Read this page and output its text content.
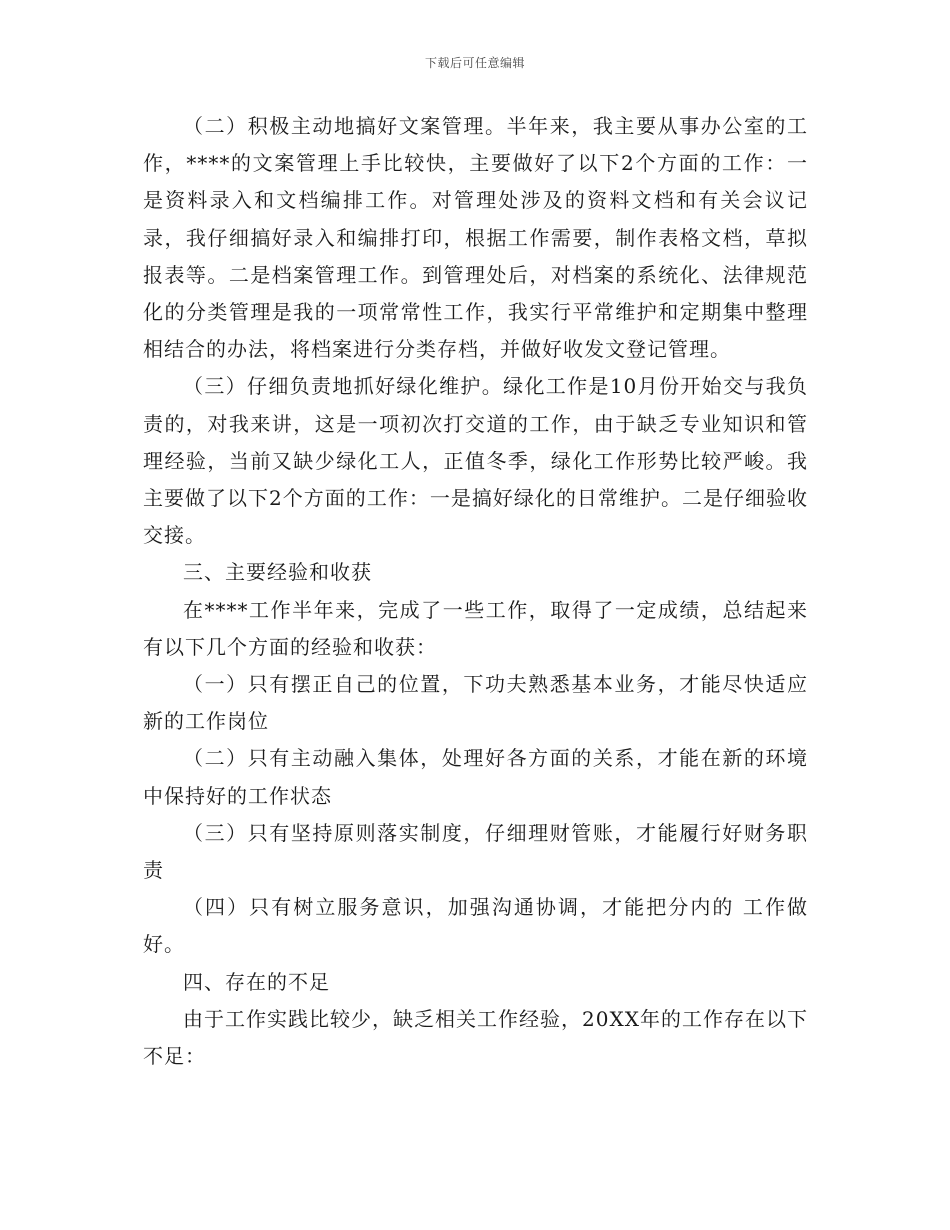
下载后可任意编辑

（二）积极主动地搞好文案管理。半年来，我主要从事办公室的工作，****的文案管理上手比较快，主要做好了以下2个方面的工作：一是资料录入和文档编排工作。对管理处涉及的资料文档和有关会议记录，我仔细搞好录入和编排打印，根据工作需要，制作表格文档，草拟报表等。二是档案管理工作。到管理处后，对档案的系统化、法律规范化的分类管理是我的一项常常性工作，我实行平常维护和定期集中整理相结合的办法，将档案进行分类存档，并做好收发文登记管理。

（三）仔细负责地抓好绿化维护。绿化工作是10月份开始交与我负责的，对我来讲，这是一项初次打交道的工作，由于缺乏专业知识和管理经验，当前又缺少绿化工人，正值冬季，绿化工作形势比较严峻。我主要做了以下2个方面的工作：一是搞好绿化的日常维护。二是仔细验收交接。

三、主要经验和收获

在****工作半年来，完成了一些工作，取得了一定成绩，总结起来有以下几个方面的经验和收获：

（一）只有摆正自己的位置，下功夫熟悉基本业务，才能尽快适应新的工作岗位

（二）只有主动融入集体，处理好各方面的关系，才能在新的环境中保持好的工作状态

（三）只有坚持原则落实制度，仔细理财管账，才能履行好财务职责

（四）只有树立服务意识，加强沟通协调，才能把分内的 工作做好。

四、存在的不足

由于工作实践比较少，缺乏相关工作经验，20XX年的工作存在以下不足：
